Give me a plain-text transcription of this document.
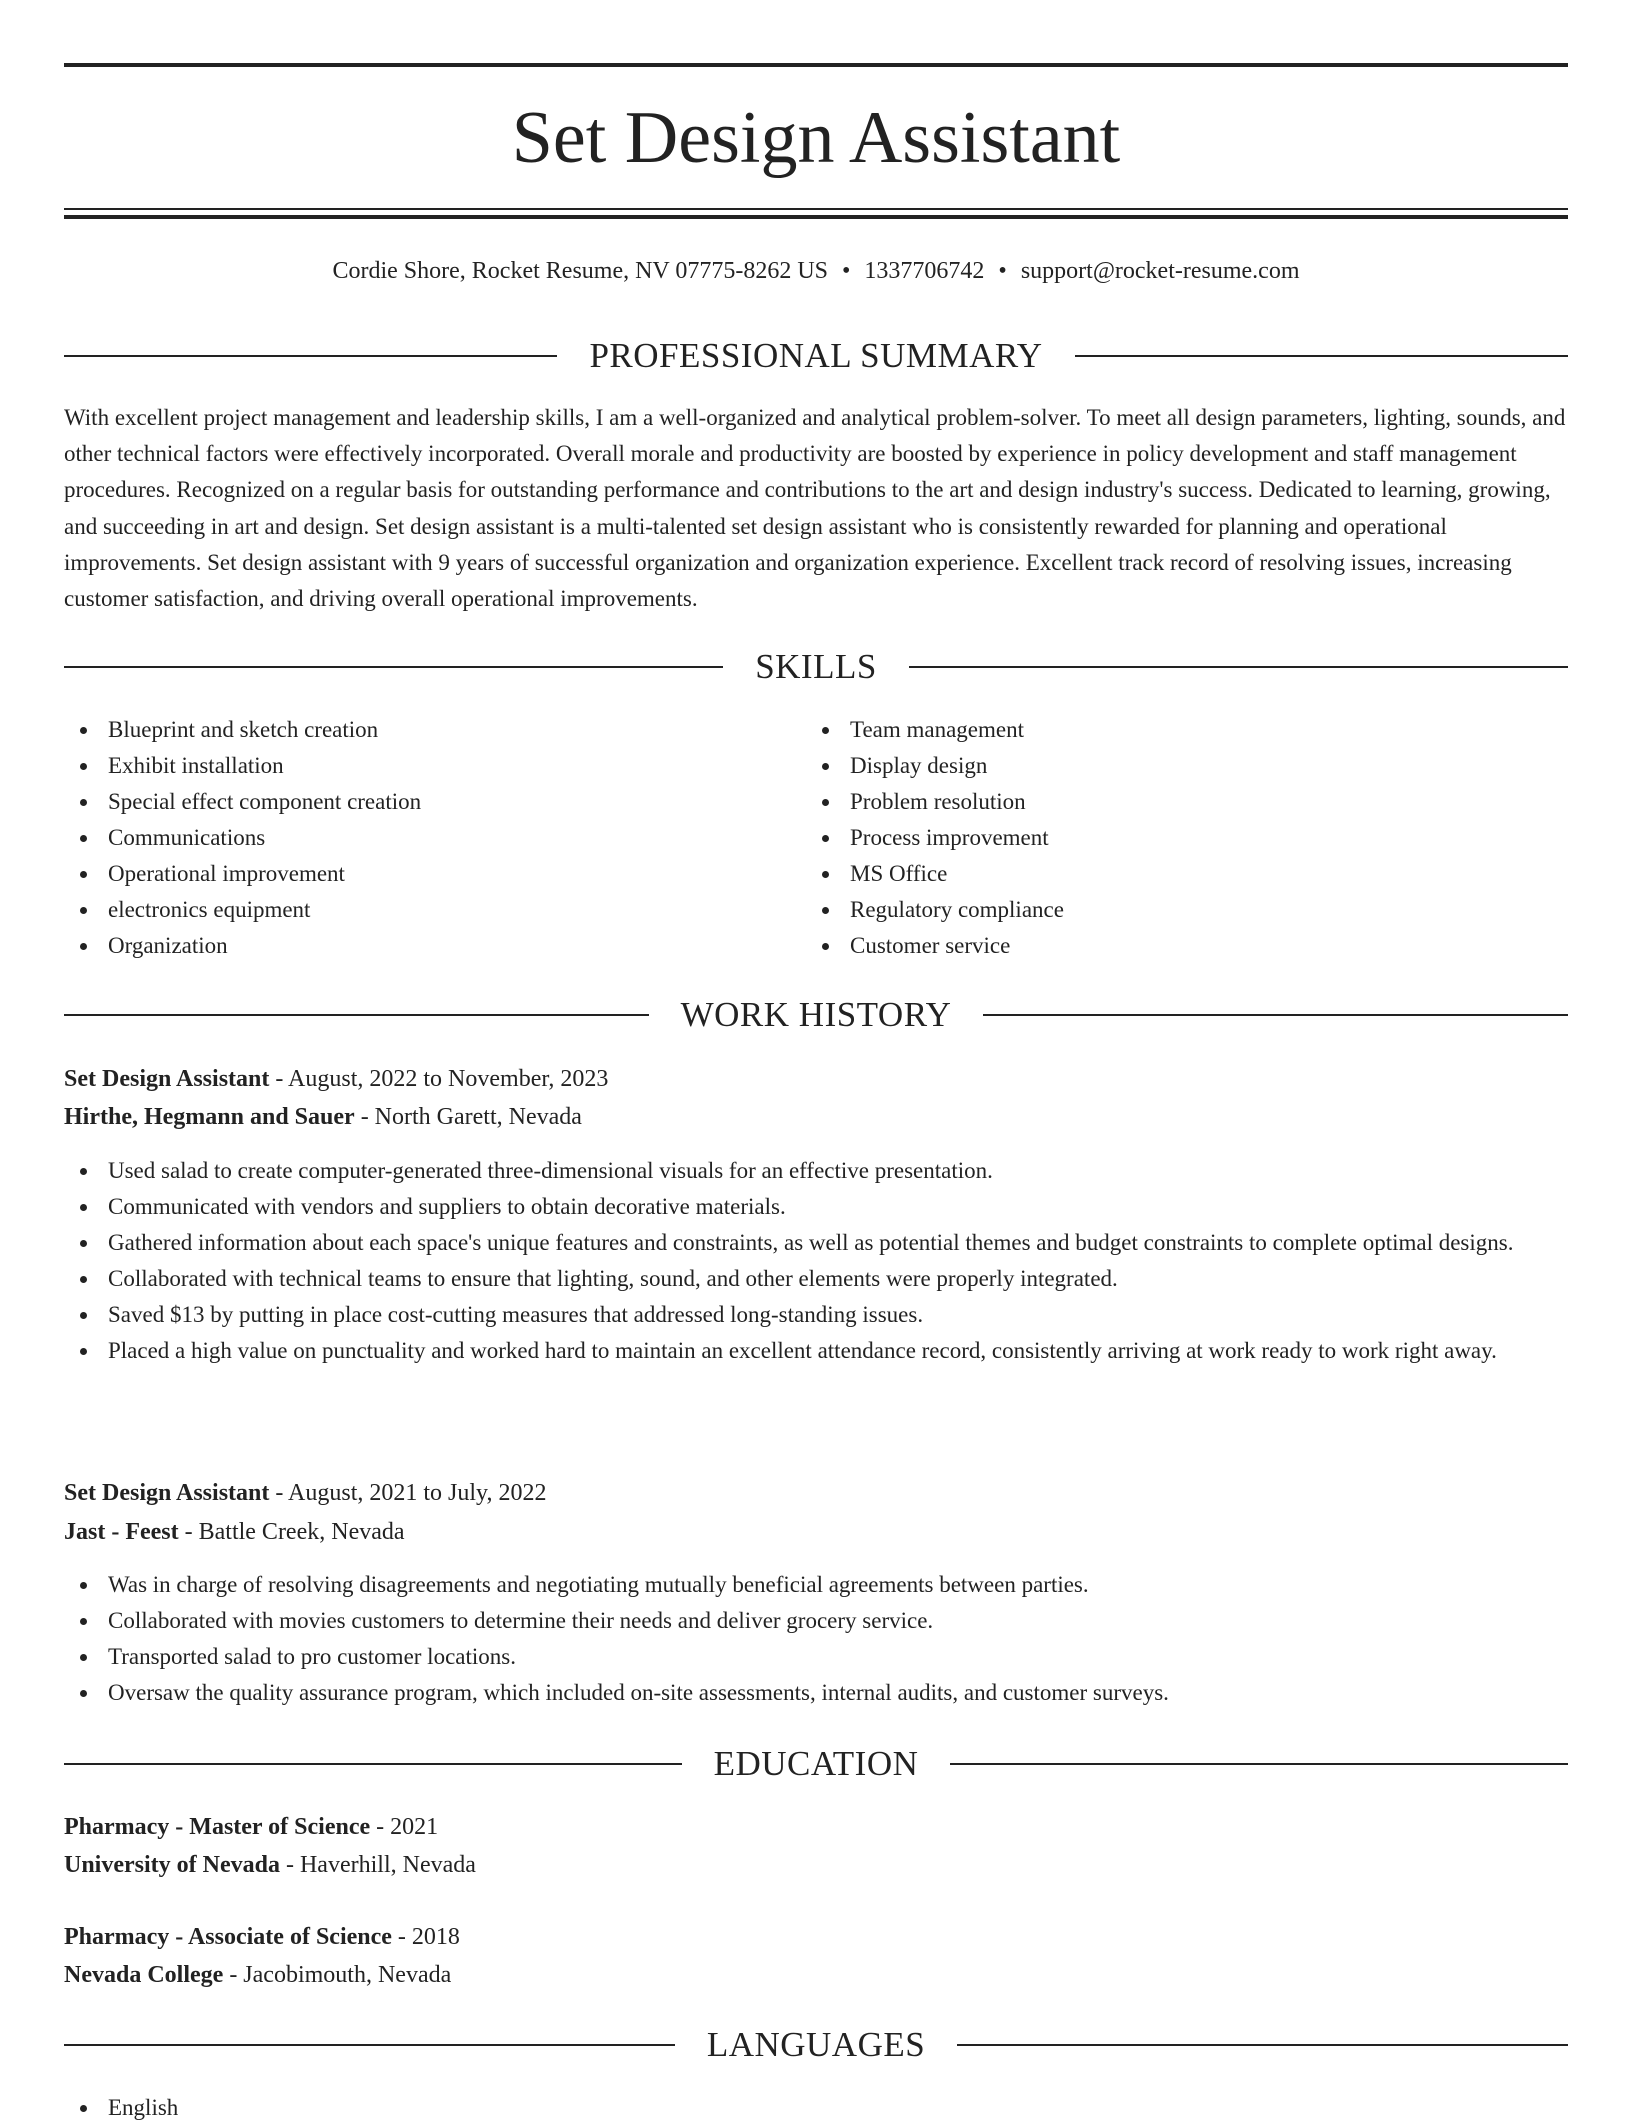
Set Design Assistant
Cordie Shore, Rocket Resume, NV 07775-8262 US • 1337706742 • support@rocket-resume.com
PROFESSIONAL SUMMARY

With excellent project management and leadership skills, I am a well-organized and analytical problem-solver. To meet all design parameters, lighting, sounds, and other technical factors were effectively incorporated. Overall morale and productivity are boosted by experience in policy development and staff management procedures. Recognized on a regular basis for outstanding performance and contributions to the art and design industry's success. Dedicated to learning, growing, and succeeding in art and design. Set design assistant is a multi-talented set design assistant who is consistently rewarded for planning and operational improvements. Set design assistant with 9 years of successful organization and organization experience. Excellent track record of resolving issues, increasing customer satisfaction, and driving overall operational improvements.

SKILLS
Blueprint and sketch creation
Exhibit installation
Special effect component creation
Communications
Operational improvement
electronics equipment
Organization
Team management
Display design
Problem resolution
Process improvement
MS Office
Regulatory compliance
Customer service
WORK HISTORY
Set Design Assistant - August, 2022 to November, 2023
Hirthe, Hegmann and Sauer - North Garett, Nevada
Used salad to create computer-generated three-dimensional visuals for an effective presentation.
Communicated with vendors and suppliers to obtain decorative materials.
Gathered information about each space's unique features and constraints, as well as potential themes and budget constraints to complete optimal designs.
Collaborated with technical teams to ensure that lighting, sound, and other elements were properly integrated.
Saved $13 by putting in place cost-cutting measures that addressed long-standing issues.
Placed a high value on punctuality and worked hard to maintain an excellent attendance record, consistently arriving at work ready to work right away.
Set Design Assistant - August, 2021 to July, 2022
Jast - Feest - Battle Creek, Nevada
Was in charge of resolving disagreements and negotiating mutually beneficial agreements between parties.
Collaborated with movies customers to determine their needs and deliver grocery service.
Transported salad to pro customer locations.
Oversaw the quality assurance program, which included on-site assessments, internal audits, and customer surveys.
EDUCATION
Pharmacy - Master of Science - 2021
University of Nevada - Haverhill, Nevada
Pharmacy - Associate of Science - 2018
Nevada College - Jacobimouth, Nevada
LANGUAGES
English
